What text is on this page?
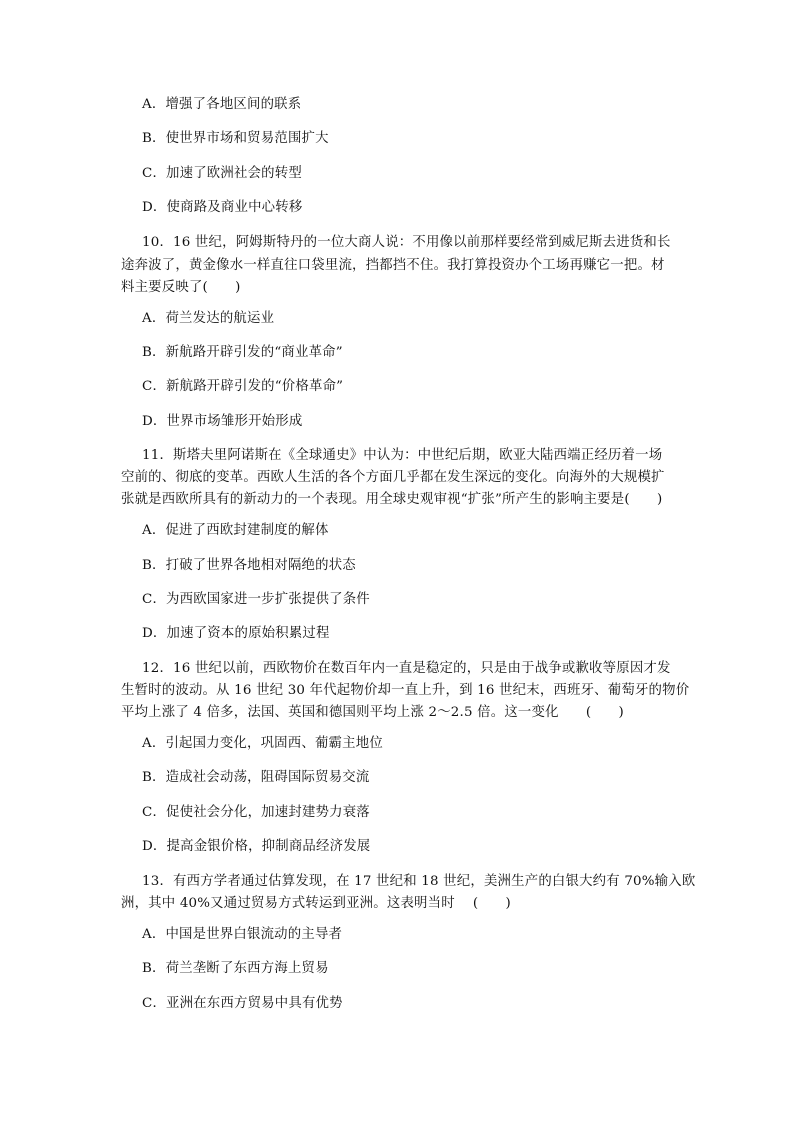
A．增强了各地区间的联系
B．使世界市场和贸易范围扩大
C．加速了欧洲社会的转型
D．使商路及商业中心转移
10．16 世纪，阿姆斯特丹的一位大商人说：不用像以前那样要经常到威尼斯去进货和长
途奔波了，黄金像水一样直往口袋里流，挡都挡不住。我打算投资办个工场再赚它一把。材
料主要反映了(　　)
A．荷兰发达的航运业
B．新航路开辟引发的“商业革命”
C．新航路开辟引发的“价格革命”
D．世界市场雏形开始形成
11．斯塔夫里阿诺斯在《全球通史》中认为：中世纪后期，欧亚大陆西端正经历着一场
空前的、彻底的变革。西欧人生活的各个方面几乎都在发生深远的变化。向海外的大规模扩
张就是西欧所具有的新动力的一个表现。用全球史观审视“扩张”所产生的影响主要是(　　)
A．促进了西欧封建制度的解体
B．打破了世界各地相对隔绝的状态
C．为西欧国家进一步扩张提供了条件
D．加速了资本的原始积累过程
12．16 世纪以前，西欧物价在数百年内一直是稳定的，只是由于战争或歉收等原因才发
生暂时的波动。从 16 世纪 30 年代起物价却一直上升，到 16 世纪末，西班牙、葡萄牙的物价
平均上涨了 4 倍多，法国、英国和德国则平均上涨 2～2.5 倍。这一变化　　(　　)
A．引起国力变化，巩固西、葡霸主地位
B．造成社会动荡，阻碍国际贸易交流
C．促使社会分化，加速封建势力衰落
D．提高金银价格，抑制商品经济发展
13．有西方学者通过估算发现，在 17 世纪和 18 世纪，美洲生产的白银大约有 70%输入欧
洲，其中 40%又通过贸易方式转运到亚洲。这表明当时　 (　　)
A．中国是世界白银流动的主导者
B．荷兰垄断了东西方海上贸易
C．亚洲在东西方贸易中具有优势
